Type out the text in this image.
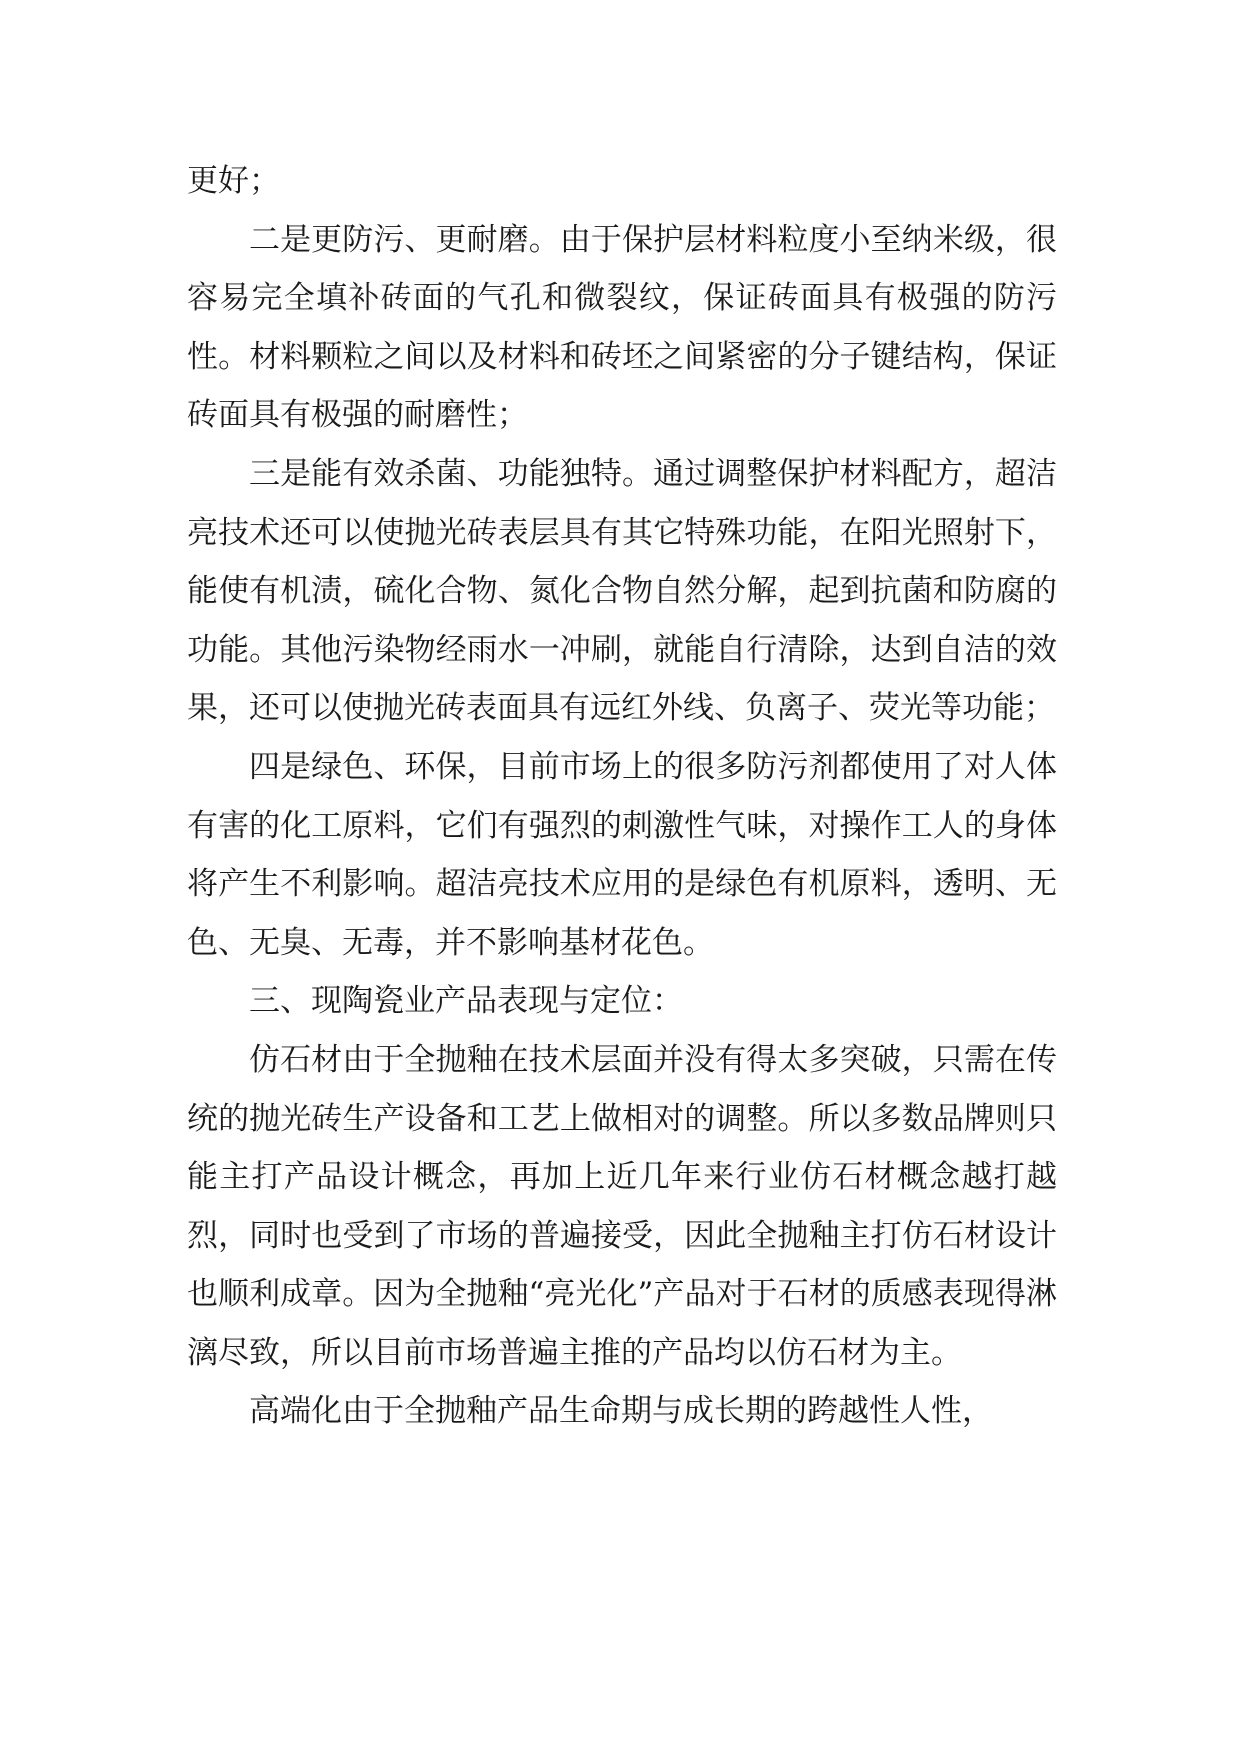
更好；

二是更防污、更耐磨。由于保护层材料粒度小至纳米级，很容易完全填补砖面的气孔和微裂纹，保证砖面具有极强的防污性。材料颗粒之间以及材料和砖坯之间紧密的分子键结构，保证砖面具有极强的耐磨性；

三是能有效杀菌、功能独特。通过调整保护材料配方，超洁亮技术还可以使抛光砖表层具有其它特殊功能，在阳光照射下，能使有机渍，硫化合物、氮化合物自然分解，起到抗菌和防腐的功能。其他污染物经雨水一冲刷，就能自行清除，达到自洁的效果，还可以使抛光砖表面具有远红外线、负离子、荧光等功能；

四是绿色、环保，目前市场上的很多防污剂都使用了对人体有害的化工原料，它们有强烈的刺激性气味，对操作工人的身体将产生不利影响。超洁亮技术应用的是绿色有机原料，透明、无色、无臭、无毒，并不影响基材花色。

三、现陶瓷业产品表现与定位：

仿石材由于全抛釉在技术层面并没有得太多突破，只需在传统的抛光砖生产设备和工艺上做相对的调整。所以多数品牌则只能主打产品设计概念，再加上近几年来行业仿石材概念越打越烈，同时也受到了市场的普遍接受，因此全抛釉主打仿石材设计也顺利成章。因为全抛釉“亮光化”产品对于石材的质感表现得淋漓尽致，所以目前市场普遍主推的产品均以仿石材为主。

高端化由于全抛釉产品生命期与成长期的跨越性人性，
